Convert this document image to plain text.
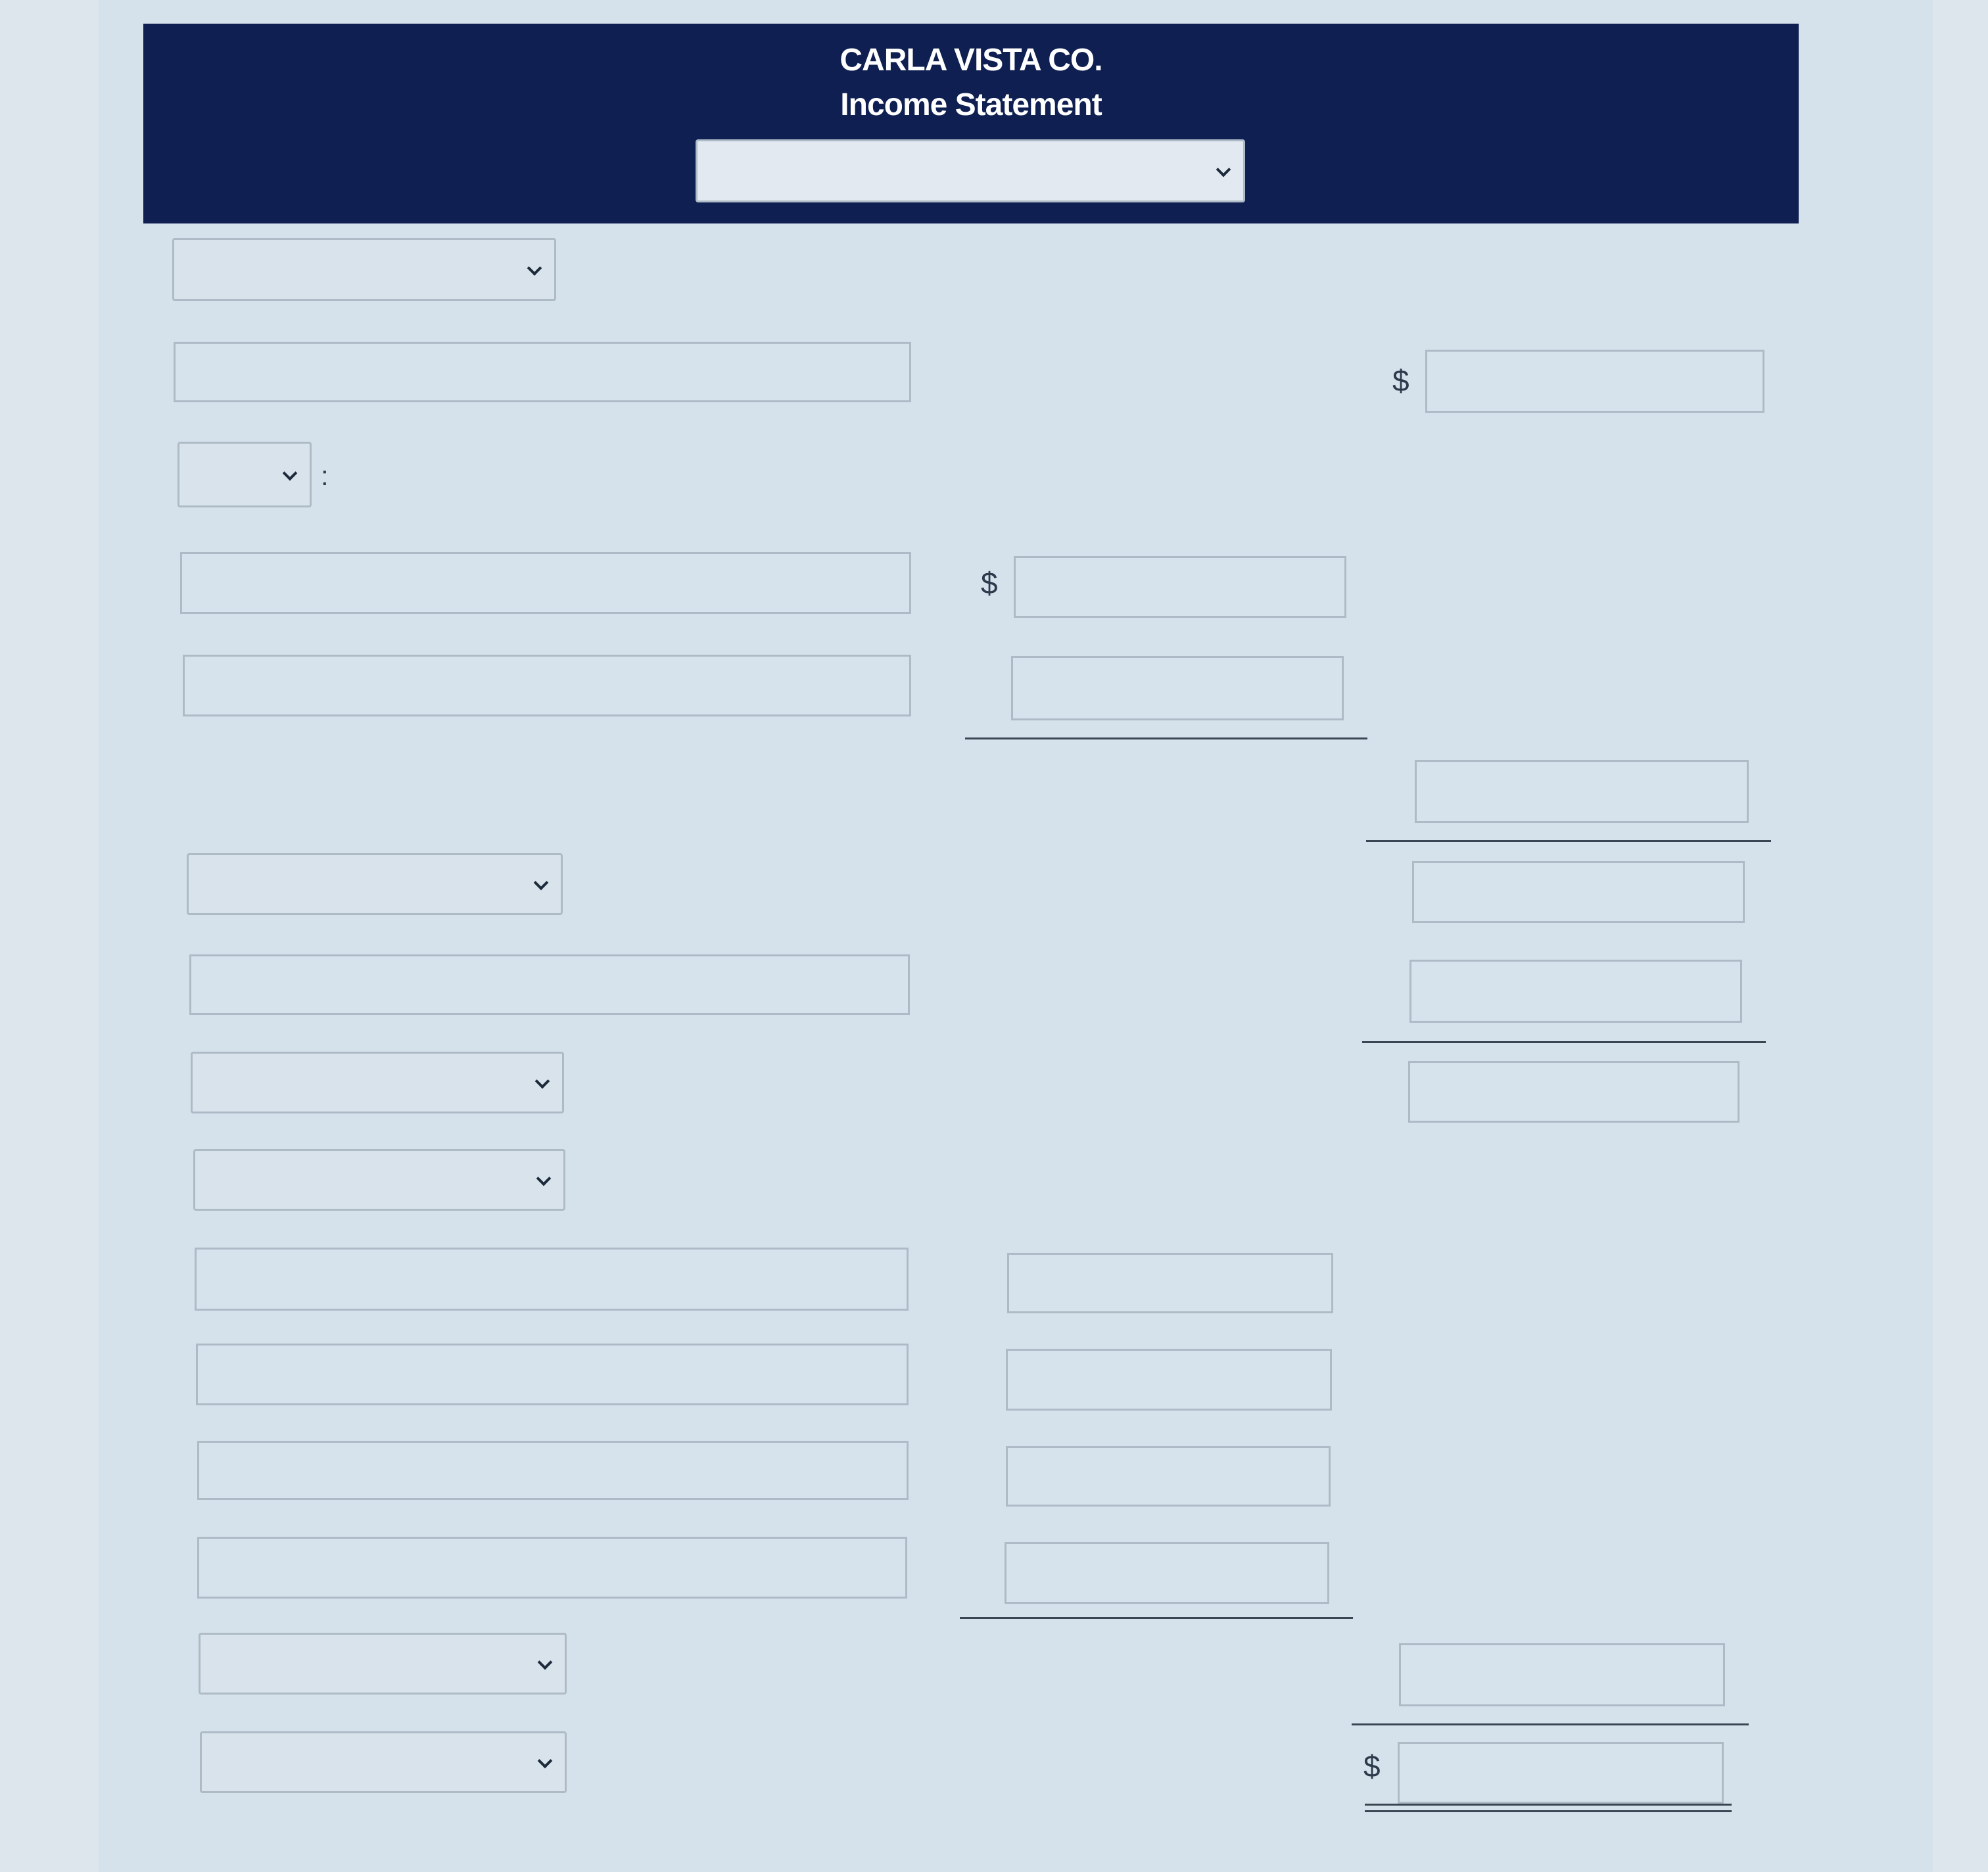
CARLA VISTA CO.
Income Statement
$
:
$
$
